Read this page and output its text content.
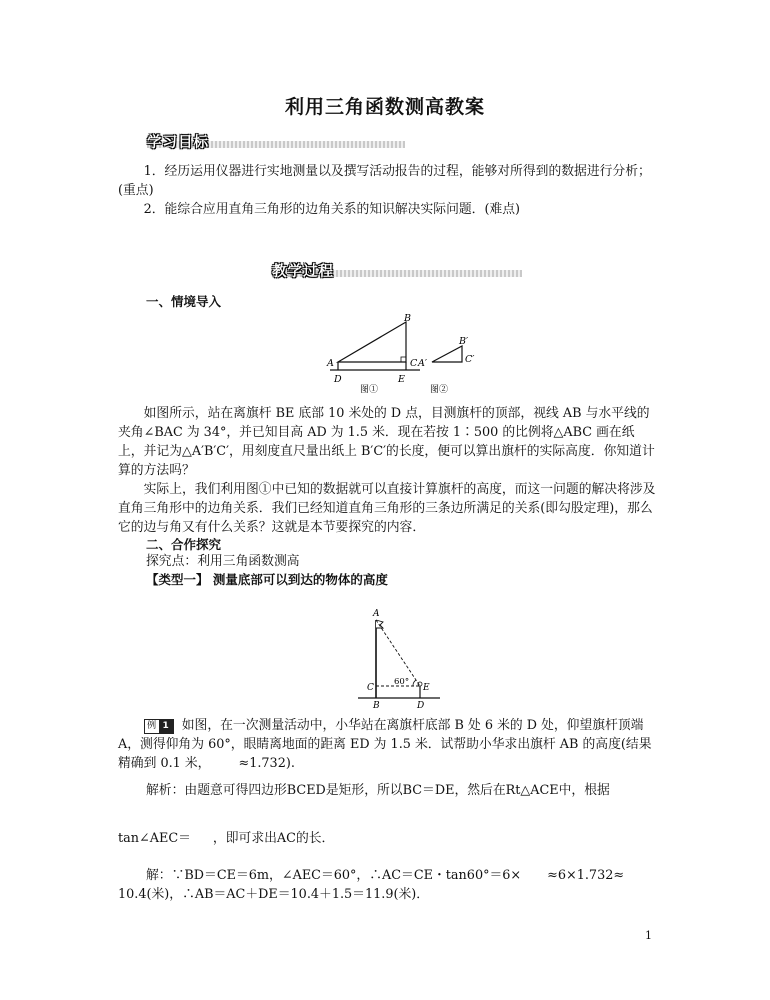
利用三角函数测高教案
学习目标
1．经历运用仪器进行实地测量以及撰写活动报告的过程，能够对所得到的数据进行分析；(重点)
2．能综合应用直角三角形的边角关系的知识解决实际问题．(难点)
教学过程
一、情境导入
B
A	C
D	E
A′
B′
C′
图①	图②
如图所示，站在离旗杆 BE 底部 10 米处的 D 点，目测旗杆的顶部，视线 AB 与水平线的夹角∠BAC 为 34°，并已知目高 AD 为 1.5 米．现在若按 1∶500 的比例将△ABC 画在纸上，并记为△A′B′C′，用刻度直尺量出纸上 B′C′的长度，便可以算出旗杆的实际高度．你知道计算的方法吗？
实际上，我们利用图①中已知的数据就可以直接计算旗杆的高度，而这一问题的解决将涉及直角三角形中的边角关系．我们已经知道直角三角形的三条边所满足的关系(即勾股定理)，那么它的边与角又有什么关系？这就是本节要探究的内容．
二、合作探究
探究点：利用三角函数测高
【类型一】 测量底部可以到达的物体的高度
60°
A
C	E
B	D
例 1 如图，在一次测量活动中，小华站在离旗杆底部 B 处 6 米的 D 处，仰望旗杆顶端 A，测得仰角为 60°，眼睛离地面的距离 ED 为 1.5 米．试帮助小华求出旗杆 AB 的高度(结果精确到 0.1 米， ≈1.732).
解析：由题意可得四边形BCED是矩形，所以BC＝DE，然后在Rt△ACE中，根据
tan∠AEC＝ ，即可求出AC的长．
解：∵BD＝CE＝6m，∠AEC＝60°，∴AC＝CE・tan60°＝6× ≈6×1.732≈
10.4(米)，∴AB＝AC＋DE＝10.4＋1.5＝11.9(米)．
1
